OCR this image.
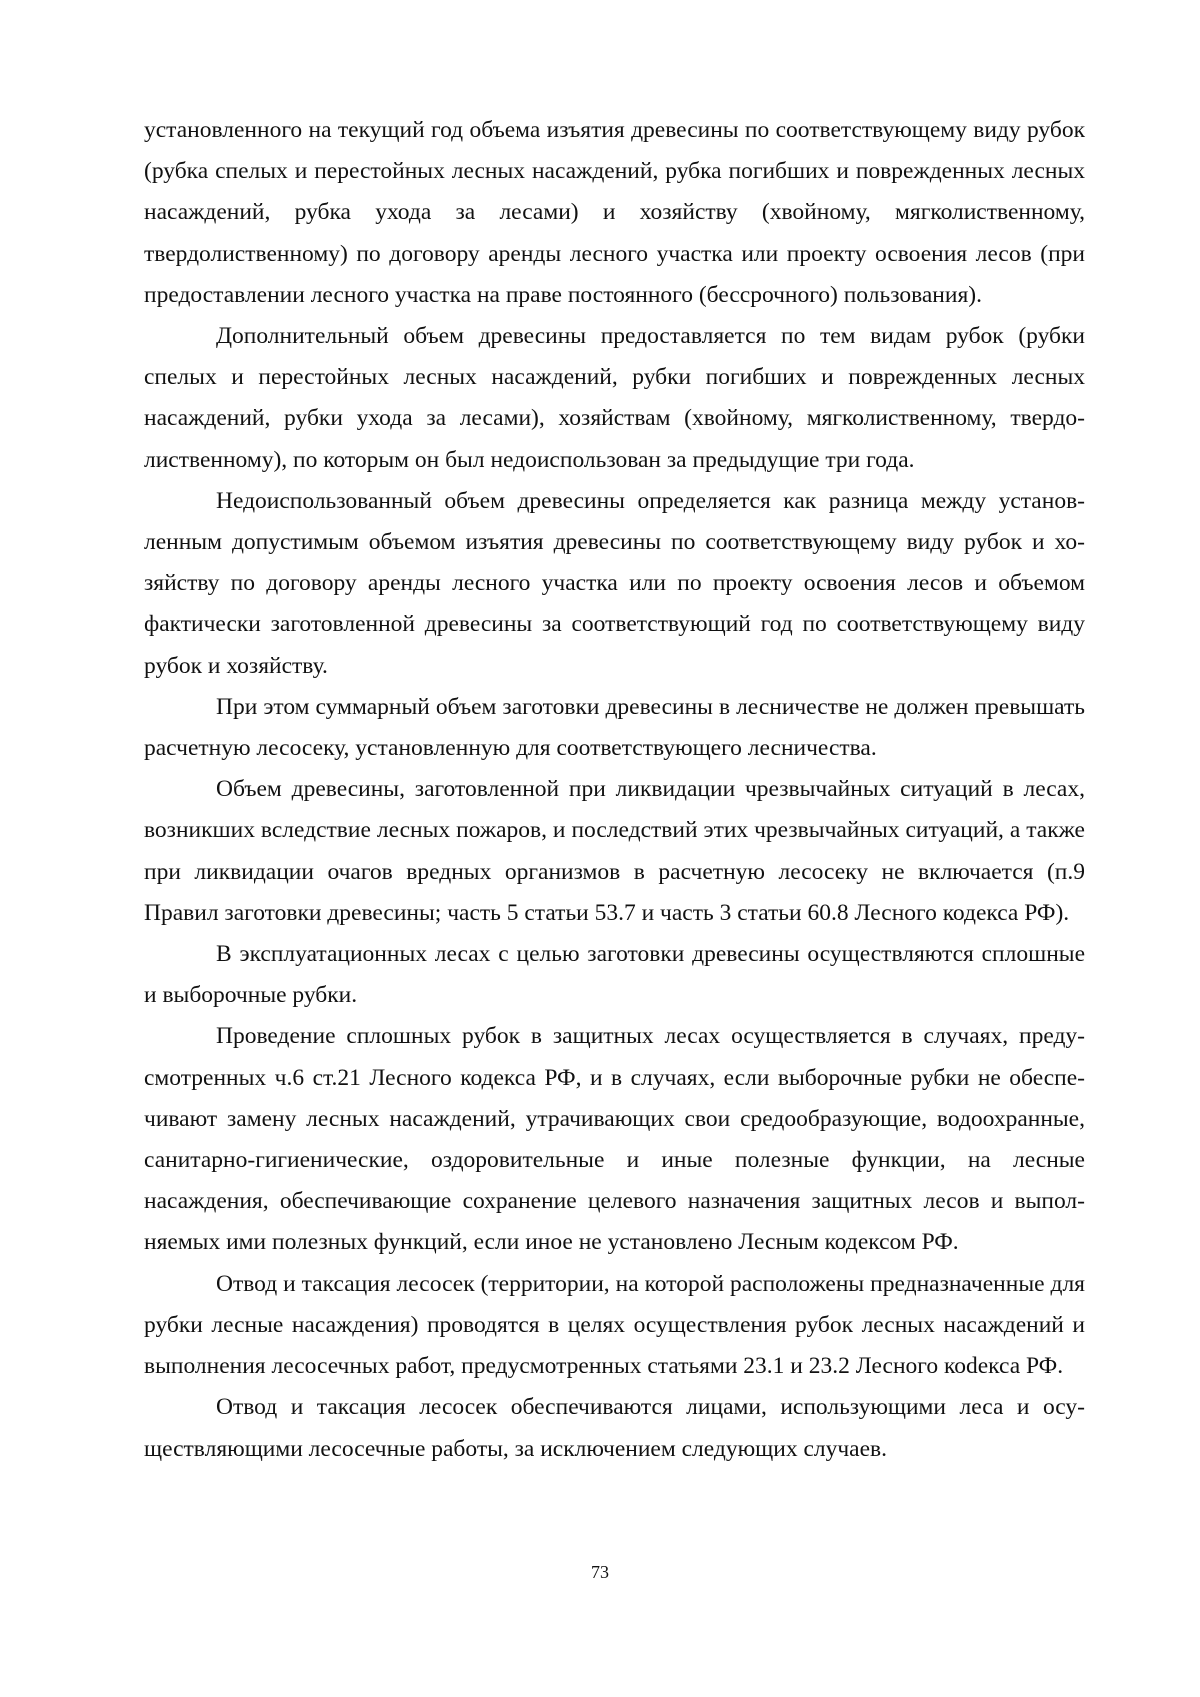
установленного на текущий год объема изъятия древесины по соответствующему виду рубок (рубка спелых и перестойных лесных насаждений, рубка погибших и поврежденных лесных насаждений, рубка ухода за лесами) и хозяйству (хвойному, мягколиственному, твердолиственному) по договору аренды лесного участка или проекту освоения лесов (при предоставлении лесного участка на праве постоянного (бессрочного) пользования).

Дополнительный объем древесины предоставляется по тем видам рубок (рубки спелых и перестойных лесных насаждений, рубки погибших и поврежденных лесных насаждений, рубки ухода за лесами), хозяйствам (хвойному, мягколиственному, твердолиственному), по которым он был недоиспользован за предыдущие три года.

Недоиспользованный объем древесины определяется как разница между установленным допустимым объемом изъятия древесины по соответствующему виду рубок и хозяйству по договору аренды лесного участка или по проекту освоения лесов и объемом фактически заготовленной древесины за соответствующий год по соответствующему виду рубок и хозяйству.

При этом суммарный объем заготовки древесины в лесничестве не должен превышать расчетную лесосеку, установленную для соответствующего лесничества.

Объем древесины, заготовленной при ликвидации чрезвычайных ситуаций в лесах, возникших вследствие лесных пожаров, и последствий этих чрезвычайных ситуаций, а также при ликвидации очагов вредных организмов в расчетную лесосеку не включается (п.9 Правил заготовки древесины; часть 5 статьи 53.7 и часть 3 статьи 60.8 Лесного кодекса РФ).

В эксплуатационных лесах с целью заготовки древесины осуществляются сплошные и выборочные рубки.

Проведение сплошных рубок в защитных лесах осуществляется в случаях, предусмотренных ч.6 ст.21 Лесного кодекса РФ, и в случаях, если выборочные рубки не обеспечивают замену лесных насаждений, утрачивающих свои средообразующие, водоохранные, санитарно-гигиенические, оздоровительные и иные полезные функции, на лесные насаждения, обеспечивающие сохранение целевого назначения защитных лесов и выполняемых ими полезных функций, если иное не установлено Лесным кодексом РФ.

Отвод и таксация лесосек (территории, на которой расположены предназначенные для рубки лесные насаждения) проводятся в целях осуществления рубок лесных насаждений и выполнения лесосечных работ, предусмотренных статьями 23.1 и 23.2 Лесного коdекса РФ.

Отвод и таксация лесосек обеспечиваются лицами, использующими леса и осуществляющими лесосечные работы, за исключением следующих случаев.

73
